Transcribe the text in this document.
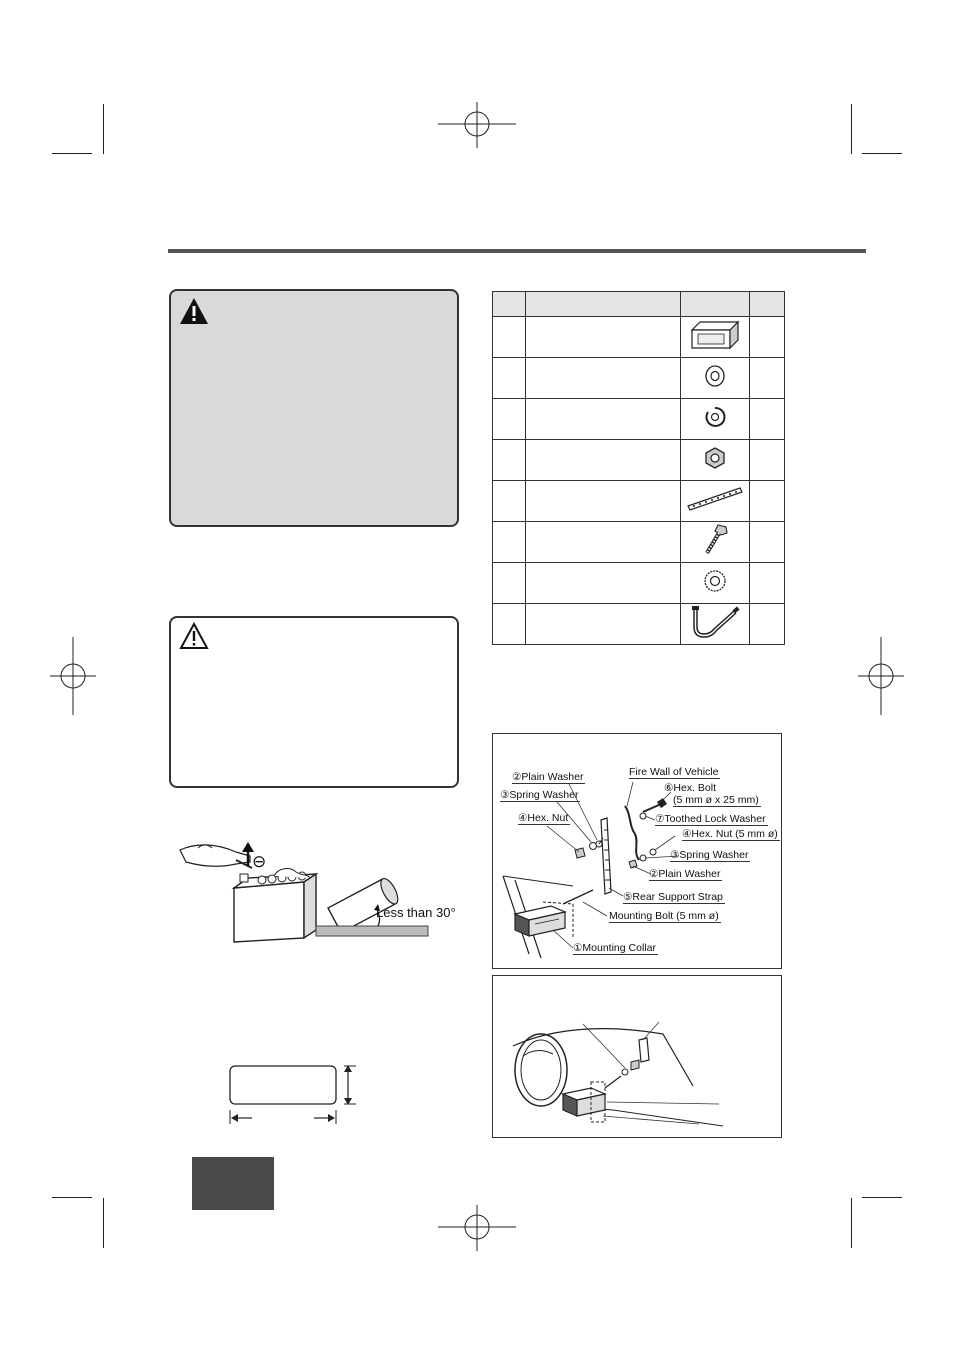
Less than 30°
⊖

②Plain Washer
③Spring Washer
④Hex. Nut
Fire Wall of Vehicle
⑥Hex. Bolt
(5 mm ø x 25 mm)
⑦Toothed Lock Washer
④Hex. Nut (5 mm ø)
③Spring Washer
②Plain Washer
⑤Rear Support Strap
Mounting Bolt (5 mm ø)
①Mounting Collar
